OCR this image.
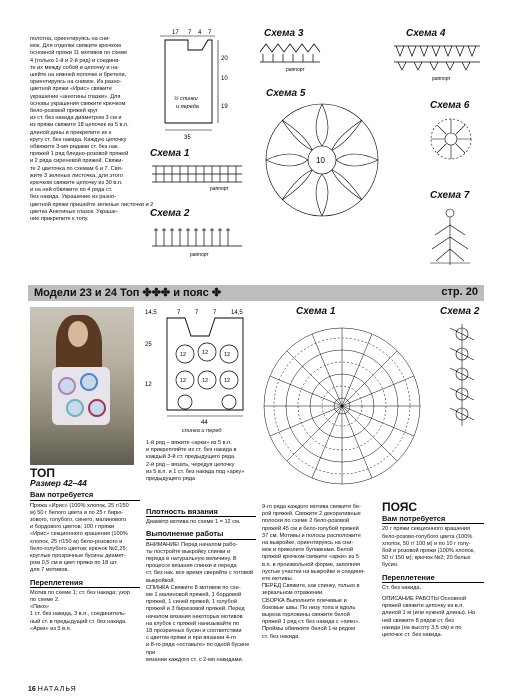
полотна, ориентируясь на сни-

мок. Для отделки свяжите крючком

основной пряжи 11 мотивов по схеме

4 (только 1-й и 2-й ряд) и соедини-

те их между собой в цепочку и на-

шейте на нижней полочке и бретели,

ориентируясь на снимок. Из разно-

цветной пряжи «Ирис» свяжите

украшение «анютины глазки». Для

основы украшения свяжите крючком

бело-розовой пряжей круг

из ст. без накида диаметром 3 см и

из пряжи свяжите 18 цепочек из 5 в.п.

длиной дины и прикрепите их к

кругу ст. без накида. Каждую цепочку

обвяжите 3-мя рядами ст. без нак.

пряжей 1 ряд бледно-розовой пряжей

и 2 ряда сиреневой пряжей. Свяжи-

те 2 цветочка по схемам 6 и 7. Свя-

жите 3 зеленых листочка, для этого

крючком свяжите цепочку из 30 в.п.

и на ней обвяжите по 4 ряда ст.

без накида. Украшение из разно-

цветной пряжи пришейте зеленые листочки и 2

цветка Анютиных глазок. Украше-

ние прикрепите к топу.

17 7 4 7
20
10
19
½ спинки
и переда
35
Схема 3	Схема 4
Схема 5
Схема 6
Схема 7
Схема 1
Схема 2
раппорт
раппорт
10
раппорт
раппорт
Модели 23 и 24 Топ ✤✤✤ и пояс ✤	стр. 20
14,5	7 7 7 14,5
25
12
12	12	12
12	12	12
44
спинка и перед

1-й ряд – вяжите «арки» из 5 в.п.

и прикрепляйте их ст. без накида в

каждый 3-й ст. предыдущего ряда.

2-й ряд – вязать, чередуя цепочку

из 5 в.п. и 1 ст. без накида под «арку»

предыдущего ряда

Схема 1	Схема 2
ТОП
Размер 42–44
Вам потребуется

Пряжа «Ирис» (100% хлопок, 25 г/150

м) 50 г белого цвета и по 25 г бирю-

зового, голубого, синего, малинового

и бордового цветов; 100 г пряжи

«Ирис» секционного крашения (100%

хлопок, 25 г/150 м) бело-розового и

бело-голубого цветов; крючок №2,25;

круглые прозрачные бусины диамет-

ром 0,5 см в цвет пряжи по 18 шт.

для 7 мотивов.

Переплетения

Мотив по схеме 1; ст. без накида; узор

по схеме 2.

«Пико»

1 ст. без накида, 3 в.п., соединитель-

ный ст. в предыдущий ст. без накида.

«Арки» из 5 в.п.

Плотность вязания

Диаметр мотива по схеме 1 = 12 см.

Выполнение работы

ВНИМАНИЕ! Перед началом рабо-

ты постройте выкройку спинки и

переда в натуральную величину. В

процессе вязания спинки и переда

ст. без нак. все время сверяйте с готовой

выкройкой.

СПИНКА Свяжите 8 мотивов по схе-

ме 1 малиновой пряжей, 1 бордовой

пряжей, 1 синей пряжей, 1 голубой

пряжей и 3 бирюзовой пряжей. Перед

началом вязания некоторых мотивов

на клубок с пряжей нанизывайте по

18 прозрачных бусин и соответствии

с цветом пряжи и при вязании 4-го

и 8-го ряда «оставьте» по одной бусине при

вязании каждого ст. с 2-мя накидами.

9-го ряда каждого мотива свяжите бе-

рой пряжей. Свяжите 2 декоративные

полоски по схеме 2 бело-розовой

пряжей 45 см и бело-голубой пряжей

37 см. Мотивы и полосы расположите

на выкройке, ориентируясь на сни-

мок и приколите булавками. Белой

пряжей крючком свяжите «арки» из 5

в.п. в произвольной форме, заполняя

пустые участки на выкройке и соединя-

ете мотивы.

ПЕРЕД Свяжите, как спинку, только в

зеркальном отражении.

СБОРКА Выполните плечевые и

боковые швы. По низу топа и вдоль

выреза горловины свяжите белой

пряжей 1 ряд ст. без накида с «пико».

Проймы обвяжите белой 1-м рядом

ст. без накида.

ПОЯС
Вам потребуется

20 г пряжи секционного крашения

бело-розово-голубого цвета (100%

хлопок, 50 г/ 100 м) и по 10 г голу-

бой и розовой пряжи (100% хлопок,

50 г/ 150 м); крючок №2; 20 белых

бусин.

Переплетение

Ст. без накида.

ОПИСАНИЕ РАБОТЫ Основной

пряжей свяжите цепочку из в.п.

длиной 1 м (или нужной длины). На

ней свяжите 8 рядов ст. без

накида (на высоту 3,5 см) и по

цепочке ст. без накида.

16 НАТАЛЬЯ
